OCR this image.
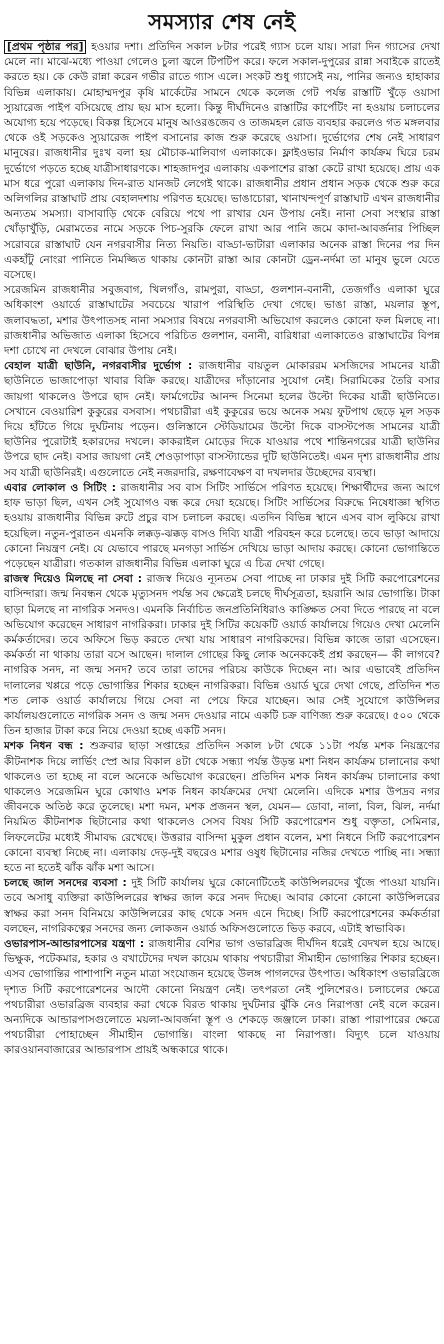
সমস্যার শেষ নেই

[প্রথম পৃষ্ঠার পর] হওয়ার দশা। প্রতিদিন সকাল ৮টার পরেই গ্যাস চলে যায়। সারা দিন গ্যাসের দেখা মেলে না। মাঝে-মধ্যে পাওয়া গেলেও চুলা জ্বলে টিপটিপ করে। ফলে সকাল-দুপুরের রান্না সবাইকে রাতেই করতে হয়। কে কেউ রান্না করেন গভীর রাতে গ্যাস এলে। সংকট শুধু গ্যাসেই নয়, পানির জন্যও হাহাকার বিভিন্ন এলাকায়। মোহাম্মদপুর কৃষি মার্কেটের সামনে থেকে কলেজ গেট পর্যন্ত রাস্তাটি খুঁড়ে ওয়াসা স্যুয়ারেজ পাইপ বসিয়েছে প্রায় ছয় মাস হলো। কিন্তু দীর্ঘদিনেও রাস্তাটির কার্পেটিং না হওয়ায় চলাচলের অযোগ্য হয়ে পড়েছে। বিকল্প হিসেবে মানুষ আওরঙজেব ও তাজমহল রোড ব্যবহার করলেও গত মঙ্গলবার থেকে ওই সড়কেও স্যুয়ারেজ পাইপ বসানোর কাজ শুরু করেছে ওয়াসা। দুর্ভোগের শেষ নেই সাধারণ মানুষের। রাজধানীর দুঃখ বলা হয় মৌচাক-মালিবাগ এলাকাকে। ফ্লাইওভার নির্মাণ কার্যক্রম ঘিরে চরম দুর্ভোগে পড়তে হচ্ছে যাত্রীসাধারণকে। শাহজাদপুর এলাকায় একপাশের রাস্তা কেটে রাখা হয়েছে। প্রায় এক মাস ধরে পুরো এলাকায় দিন-রাত যানজট লেগেই থাকে। রাজধানীর প্রধান প্রধান সড়ক থেকে শুরু করে অলিগলির রাস্তাঘাট প্রায় বেহালদশায় পরিণত হয়েছে। ভাঙাচোরা, খানাখন্দপূর্ণ রাস্তাঘাট এখন রাজধানীর অন্যতম সমস্যা। বাসাবাড়ি থেকে বেরিয়ে পথে পা রাখার যেন উপায় নেই। নানা সেবা সংস্থার রাস্তা খোঁড়াখুঁড়ি, মেরামতের নামে সড়কে পিচ-সুরকি ফেলে রাখা আর পানি জমে কাদা-আবর্জনার পিচ্ছিল সরোবরে রাস্তাঘাট যেন নগরবাসীর নিত্য নিয়তি। বাড্ডা-ভাটারা এলাকার অনেক রাস্তা দিনের পর দিন একহাঁটু নোংরা পানিতে নিমজ্জিত থাকায় কোনটা রাস্তা আর কোনটা ড্রেন-নর্দমা তা মানুষ ভুলে যেতে বসেছে।

সরেজমিন রাজধানীর সবুজবাগ, খিলগাঁও, রামপুরা, বাড্ডা, গুলশান-বনানী, তেজগাঁও এলাকা ঘুরে অধিকাংশ ওয়ার্ডে রাস্তাঘাটের সবচেয়ে খারাপ পরিস্থিতি দেখা গেছে। ভাঙা রাস্তা, ময়লার স্তূপ, জলাবদ্ধতা, মশার উৎপাতসহ নানা সমস্যার বিষয়ে নগরবাসী অভিযোগ করলেও কোনো ফল মিলছে না। রাজধানীর অভিজাত এলাকা হিসেবে পরিচিত গুলশান, বনানী, বারিধারা এলাকাতেও রাস্তাঘাটের বিপন্ন দশা চোখে না দেখলে বোঝার উপায় নেই।

বেহাল যাত্রী ছাউনি, নগরবাসীর দুর্ভোগ : রাজধানীর বায়তুল মোকাররম মসজিদের সামনের যাত্রী ছাউনিতে ভাজাপোড়া খাবার বিক্রি করছে। যাত্রীদের দাঁড়ানোর সুযোগ নেই। সিরামিকের তৈরি বসার জায়গা থাকলেও উপরে ছাদ নেই। ফার্মগেটের আনন্দ সিনেমা হলের উল্টো দিকের যাত্রী ছাউনিতে। সেখানে বেওয়ারিশ কুকুরের বসবাস। পথচারীরা এই কুকুরের ভয়ে অনেক সময় ফুটপাথ ছেড়ে মূল সড়ক দিয়ে হাঁটতে গিয়ে দুর্ঘটনায় পড়েন। গুলিস্তানে স্টেডিয়ামের উল্টো দিকে বাসস্টপেজ সামনের যাত্রী ছাউনির পুরোটাই হকারদের দখলে। কাকরাইল মোড়ের দিকে যাওয়ার পথে শান্তিনগরের যাত্রী ছাউনির উপরে ছাদ নেই। বসার জায়গা নেই শেওড়াপাড়া বাসস্ট্যান্ডের দুটি ছাউনিতেই। এমন দৃশ্য রাজধানীর প্রায় সব যাত্রী ছাউনিরই। এগুলোতে নেই নজরদারি, রক্ষণাবেক্ষণ বা দখলদার উচ্ছেদের ব্যবস্থা।

এবার লোকাল ও সিটিং : রাজধানীর সব বাস সিটিং সার্ভিসে পরিণত হয়েছে। শিক্ষার্থীদের জন্য আগে হাফ ভাড়া ছিল, এখন সেই সুযোগও বন্ধ করে দেয়া হয়েছে। সিটিং সার্ভিসের বিরুদ্ধে নিষেধাজ্ঞা স্থগিত হওয়ায় রাজধানীর বিভিন্ন রুটে প্রচুর বাস চলাচল করছে। এতদিন বিভিন্ন স্থানে এসব বাস লুকিয়ে রাখা হয়েছিল। নতুন-পুরাতন এমনকি লক্কড়-ঝক্কড় বাসও দিব্যি যাত্রী পরিবহন করে চলেছে। তবে ভাড়া আদায়ে কোনো নিয়ন্ত্রণ নেই। যে যেভাবে পারছে মনগড়া সার্ভিস দেখিয়ে ভাড়া আদায় করছে। কোনো ভোগান্তিতে পড়েছেন যাত্রীরা। গতকাল রাজধানীর বিভিন্ন এলাকা ঘুরে এ চিত্র দেখা গেছে।

রাজস্ব দিয়েও মিলছে না সেবা : রাজস্ব দিয়েও ন্যূনতম সেবা পাচ্ছে না ঢাকার দুই সিটি করপোরেশনের বাসিন্দারা। জন্ম নিবন্ধন থেকে মৃত্যুসনদ পর্যন্ত সব ক্ষেত্রেই চলছে দীর্ঘসূত্রতা, হয়রানি আর ভোগান্তি। টাকা ছাড়া মিলছে না নাগরিক সনদও। এমনকি নির্বাচিত জনপ্রতিনিধিরাও কাঙ্ক্ষিত সেবা দিতে পারছে না বলে অভিযোগ করেছেন সাধারণ নাগরিকরা। ঢাকার দুই সিটির কয়েকটি ওয়ার্ড কার্যালয়ে গিয়েও দেখা মেলেনি কর্মকর্তাদের। তবে অফিসে ভিড় করতে দেখা যায় সাধারণ নাগরিকদের। বিভিন্ন কাজে তারা এসেছেন। কর্মকর্তা না থাকায় তারা বসে আছেন। দালাল গোছের কিছু লোক অনেককেই প্রশ্ন করছেন— কী লাগবে? নাগরিক সনদ, না জন্ম সনদ? তবে তারা তাদের পরিচয় কাউকে দিচ্ছেন না। আর এভাবেই প্রতিদিন দালালের খপ্পরে পড়ে ভোগান্তির শিকার হচ্ছেন নাগরিকরা। বিভিন্ন ওয়ার্ড ঘুরে দেখা গেছে, প্রতিদিন শত শত লোক ওয়ার্ড কার্যালয়ে গিয়ে সেবা না পেয়ে ফিরে যাচ্ছেন। আর সেই সুযোগে কাউন্সিলর কার্যালয়গুলোতে নাগরিক সনদ ও জন্ম সনদ দেওয়ার নামে একটি চক্র বাণিজ্য শুরু করেছে। ৫০০ থেকে তিন হাজার টাকা করে নিয়ে দেওয়া হচ্ছে একটি সনদ।

মশক নিধন বন্ধ : শুক্রবার ছাড়া সপ্তাহের প্রতিদিন সকাল ৮টা থেকে ১১টা পর্যন্ত মশক নিয়ন্ত্রণের কীটনাশক দিয়ে লার্ভিং স্প্রে আর বিকাল ৪টা থেকে সন্ধ্যা পর্যন্ত উড়ন্ত মশা নিধন কার্যক্রম চালানোর কথা থাকলেও তা হচ্ছে না বলে অনেকে অভিযোগ করেছেন। প্রতিদিন মশক নিধন কার্যক্রম চালানোর কথা থাকলেও সরেজমিন ঘুরে কোথাও মশক নিধন কার্যক্রমের দেখা মেলেনি। এদিকে মশার উপদ্রব নগর জীবনকে অতিষ্ঠ করে তুলেছে। মশা দমন, মশক প্রজনন স্থল, যেমন— ডোবা, নালা, বিল, ঝিল, নর্দমা নিয়মিত কীটনাশক ছিটানোর কথা থাকলেও সেসব বিষয় সিটি করপোরেশন শুধু বক্তৃতা, সেমিনার, লিফলেটের মধ্যেই সীমাবদ্ধ রেখেছে। উত্তরার বাসিন্দা মুকুল প্রধান বলেন, মশা নিধনে সিটি করপোরেশন কোনো ব্যবস্থা নিচ্ছে না। এলাকায় দেড়-দুই বছরেও মশার ওষুধ ছিটানোর নজির দেখতে পাচ্ছি না। সন্ধ্যা হতে না হতেই ঝাঁক ঝাঁক মশা আসে।

চলছে জাল সনদের ব্যবসা : দুই সিটি কার্যালয় ঘুরে কোনোটিতেই কাউন্সিলরদের খুঁজে পাওয়া যায়নি। তবে অসাধু ব্যক্তিরা কাউন্সিলরের স্বাক্ষর জাল করে সনদ দিচ্ছে। আবার কোনো কোনো কাউন্সিলরের স্বাক্ষর করা সনদ বিনিময়ে কাউন্সিলরের কাছ থেকে সনদ এনে দিচ্ছে। সিটি করপোরেশনের কর্মকর্তারা বলছেন, নাগরিকত্বের সনদের জন্য লোকজন ওয়ার্ড অফিসগুলোতে ভিড় করবে, এটাই স্বাভাবিক।

ওভারপাস-আন্ডারপাসের যন্ত্রণা : রাজধানীর বেশির ভাগ ওভারব্রিজ দীর্ঘদিন ধরেই বেদখল হয়ে আছে। ভিক্ষুক, পটেকমার, হকার ও বখাটেদের দখল কায়েম থাকায় পথচারীরা সীমাহীন ভোগান্তির শিকার হচ্ছেন। এসব ভোগান্তির পাশাপাশি নতুন মাত্রা সংযোজন হয়েছে উলঙ্গ পাগলদের উৎপাত। অধিকাংশ ওভারব্রিজে দৃশ্যত সিটি করপোরেশনের আদৌ কোনো নিয়ন্ত্রণ নেই। তৎপরতা নেই পুলিশেরও। চলাচলের ক্ষেত্রে পথচারীরা ওভারব্রিজ ব্যবহার করা থেকে বিরত থাকায় দুর্ঘটনার ঝুঁকি নেও নিরাপত্তা নেই বলে করেন। অন্যদিকে আন্ডারপাসগুলোতে ময়লা-আবর্জনা স্তূপ ও শেকড়ে জঞ্জালে ঢাকা। রাস্তা পারাপারের ক্ষেত্রে পথচারীরা পোহাচ্ছেন সীমাহীন ভোগান্তি। বাংলা থাকছে না নিরাপত্তা। বিদ্যুৎ চলে যাওয়ায় কারওয়ানবাজারের আন্ডারপাস প্রায়ই অন্ধকারে থাকে।
